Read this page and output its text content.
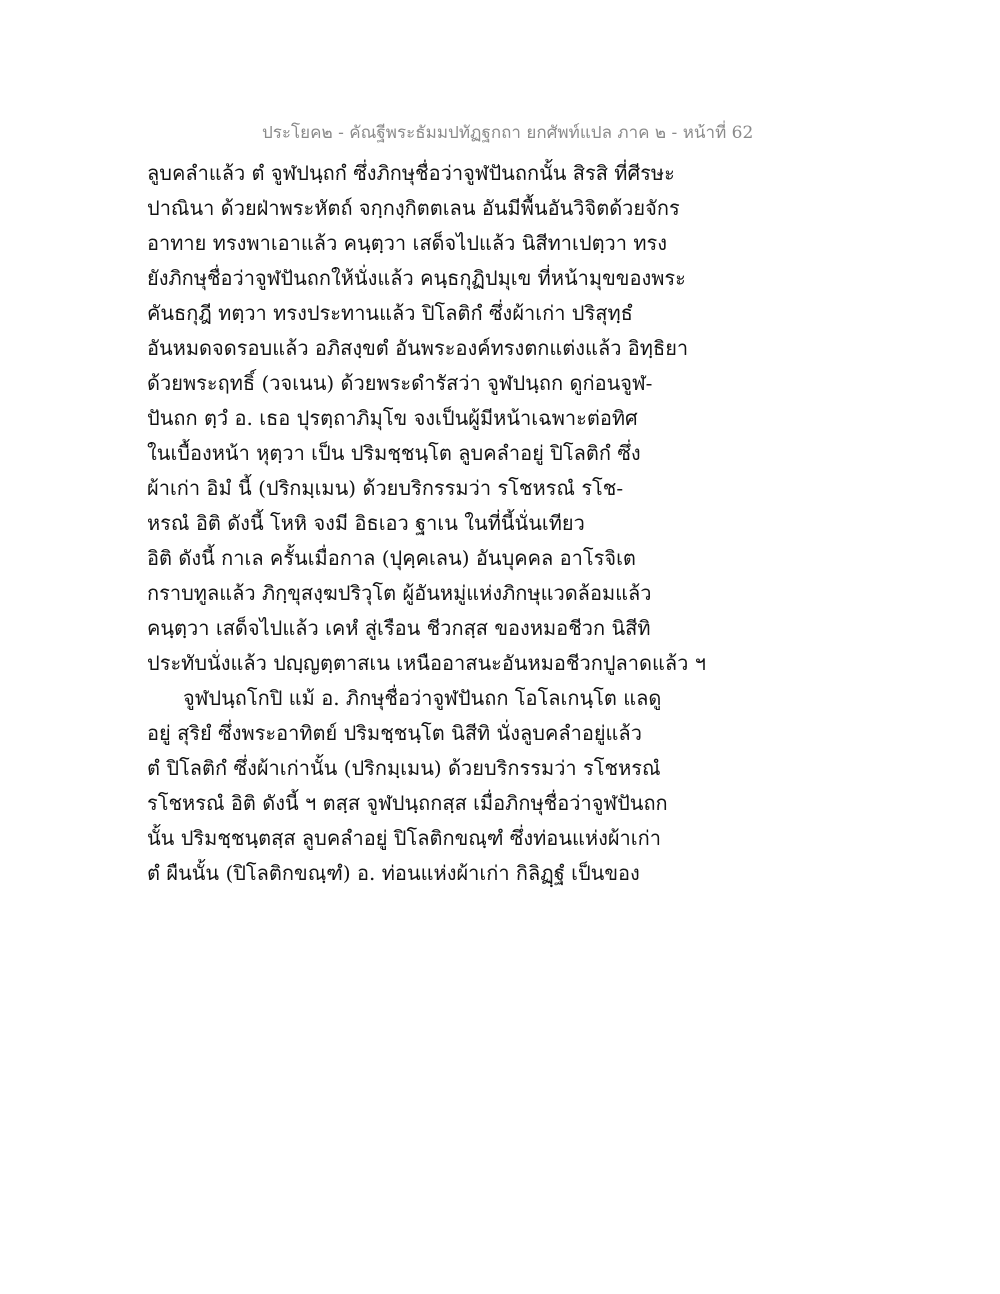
ประโยค๒ - คัณฐีพระธัมมปทัฏฐกถา ยกศัพท์แปล ภาค ๒ - หน้าที่ 62
ลูบคลำแล้ว ตํ จูฬปนฺถกํ ซึ่งภิกษุชื่อว่าจูฬปันถกนั้น สิรสิ ที่ศีรษะ
ปาณินา ด้วยฝ่าพระหัตถ์ จกฺกงฺกิตตเลน อันมีพื้นอันวิจิตด้วยจักร
อาทาย ทรงพาเอาแล้ว คนฺตฺวา เสด็จไปแล้ว นิสีทาเปตฺวา ทรง
ยังภิกษุชื่อว่าจูฬปันถกให้นั่งแล้ว คนฺธกุฏิปมุเข ที่หน้ามุขของพระ
คันธกุฎี ทตฺวา ทรงประทานแล้ว ปิโลติกํ ซึ่งผ้าเก่า ปริสุทฺธํ
อันหมดจดรอบแล้ว อภิสงฺขตํ อันพระองค์ทรงตกแต่งแล้ว อิทฺธิยา
ด้วยพระฤทธิ์ (วจเนน) ด้วยพระดำรัสว่า จูฬปนฺถก ดูก่อนจูฬ-
ปันถก ตฺวํ อ. เธอ ปุรตฺถาภิมุโข จงเป็นผู้มีหน้าเฉพาะต่อทิศ
ในเบื้องหน้า หุตฺวา เป็น ปริมชฺชนฺโต ลูบคลำอยู่ ปิโลติกํ ซึ่ง
ผ้าเก่า อิมํ นี้ (ปริกมฺเมน) ด้วยบริกรรมว่า รโชหรณํ รโช-
หรณํ อิติ ดังนี้ โหหิ จงมี อิธเอว ฐาเน ในที่นี้นั่นเทียว
อิติ ดังนี้ กาเล ครั้นเมื่อกาล (ปุคฺคเลน) อันบุคคล อาโรจิเต
กราบทูลแล้ว ภิกฺขุสงฺฆปริวุโต ผู้อันหมู่แห่งภิกษุแวดล้อมแล้ว
คนฺตฺวา เสด็จไปแล้ว เคหํ สู่เรือน ชีวกสฺส ของหมอชีวก นิสีทิ
ประทับนั่งแล้ว ปญฺญตฺตาสเน เหนืออาสนะอันหมอชีวกปูลาดแล้ว ฯ
จูฬปนฺถโกปิ แม้ อ. ภิกษุชื่อว่าจูฬปันถก โอโลเกนฺโต แลดู
อยู่ สุริยํ ซึ่งพระอาทิตย์ ปริมชฺชนฺโต นิสีทิ นั่งลูบคลำอยู่แล้ว
ตํ ปิโลติกํ ซึ่งผ้าเก่านั้น (ปริกมฺเมน) ด้วยบริกรรมว่า รโชหรณํ
รโชหรณํ อิติ ดังนี้ ฯ ตสฺส จูฬปนฺถกสฺส เมื่อภิกษุชื่อว่าจูฬปันถก
นั้น ปริมชฺชนฺตสฺส ลูบคลำอยู่ ปิโลติกขณฺฑํ ซึ่งท่อนแห่งผ้าเก่า
ตํ ผืนนั้น (ปิโลติกขณฺฑํ) อ. ท่อนแห่งผ้าเก่า กิลิฏฺฐํ เป็นของ
